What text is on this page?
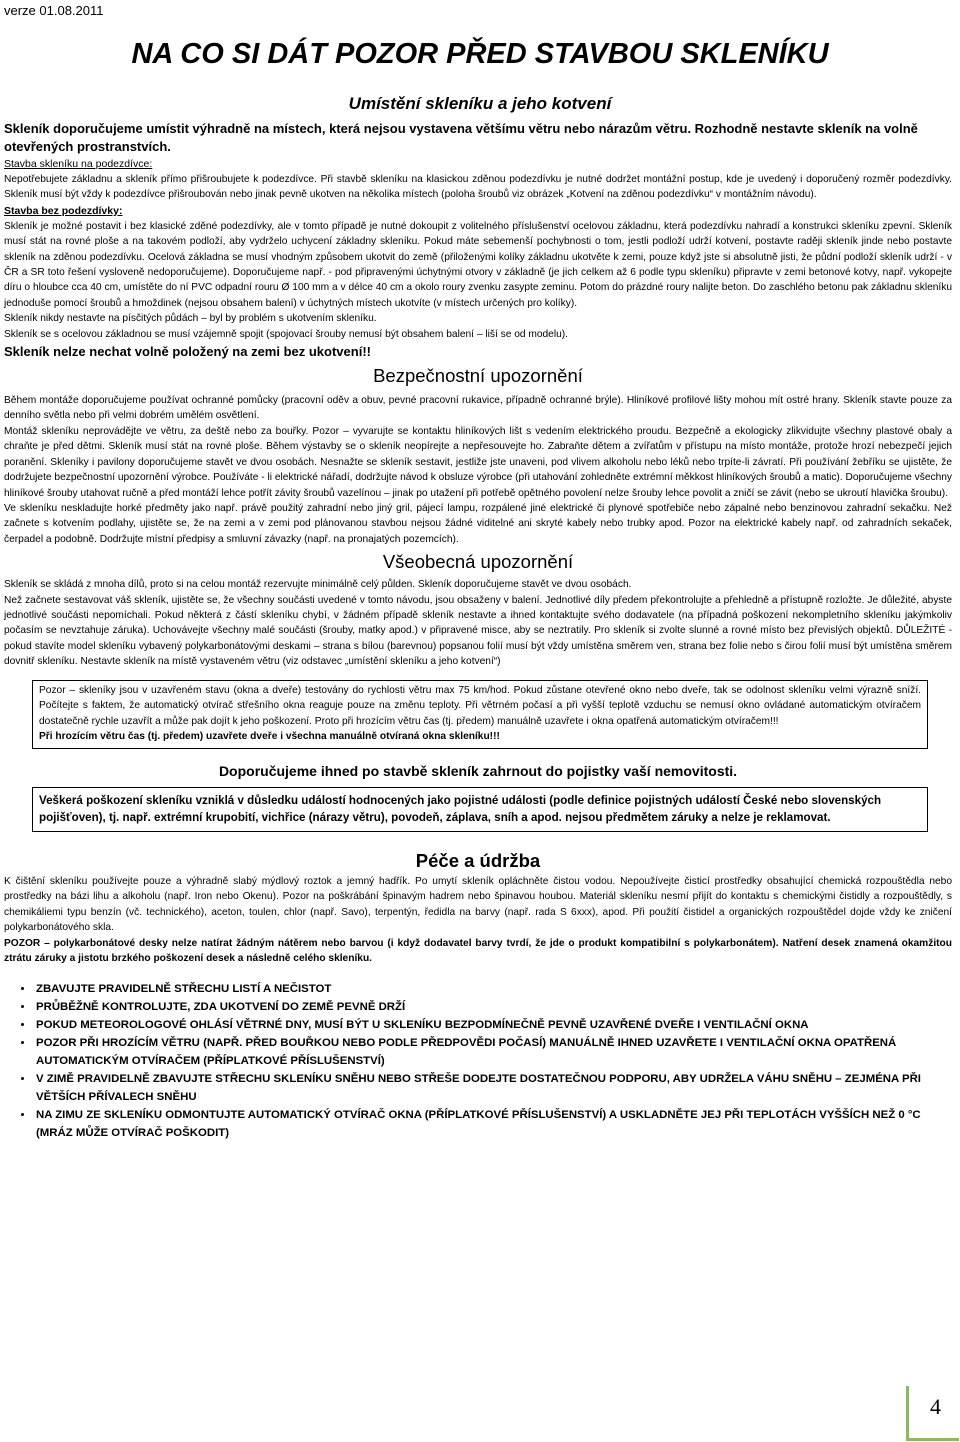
verze 01.08.2011
NA CO SI DÁT POZOR PŘED STAVBOU SKLENÍKU
Umístění skleníku a jeho kotvení

Skleník doporučujeme umístit výhradně na místech, která nejsou vystavena většímu větru nebo nárazům větru. Rozhodně nestavte skleník na volně otevřených prostranstvích.

Stavba skleníku na podezdívce:

Nepotřebujete základnu a skleník přímo přišroubujete k podezdívce. Při stavbě skleníku na klasickou zděnou podezdívku je nutné dodržet montážní postup, kde je uvedený i doporučený rozměr podezdívky. Skleník musí být vždy k podezdívce přišroubován nebo jinak pevně ukotven na několika místech (poloha šroubů viz obrázek „Kotvení na zděnou podezdívku“ v montážním návodu).

Stavba bez podezdívky:

Skleník je možné postavit i bez klasické zděné podezdívky, ale v tomto případě je nutné dokoupit z volitelného příslušenství ocelovou základnu, která podezdívku nahradí a konstrukci skleníku zpevní. Skleník musí stát na rovné ploše a na takovém podloží, aby vydrželo uchycení základny skleníku. Pokud máte sebemenší pochybnosti o tom, jestli podloží udrží kotvení, postavte raději skleník jinde nebo postavte skleník na zděnou podezdívku. Ocelová základna se musí vhodným způsobem ukotvit do země (přiloženými kolíky základnu ukotvěte k zemi, pouze když jste si absolutně jisti, že půdní podloží skleník udrží - v ČR a SR toto řešení vysloveně nedoporučujeme). Doporučujeme např. - pod připravenými úchytnými otvory v základně (je jich celkem až 6 podle typu skleníku) připravte v zemi betonové kotvy, např. vykopejte díru o hloubce cca 40 cm, umístěte do ní PVC odpadní rouru Ø 100 mm a v délce 40 cm a okolo roury zvenku zasypte zeminu. Potom do prázdné roury nalijte beton. Do zaschlého betonu pak základnu skleníku jednoduše pomocí šroubů a hmoždinek (nejsou obsahem balení) v úchytných místech ukotvíte (v místech určených pro kolíky).

Skleník nikdy nestavte na písčitých půdách – byl by problém s ukotvením skleníku.

Skleník se s ocelovou základnou se musí vzájemně spojit (spojovací šrouby nemusí být obsahem balení – liší se od modelu).

Skleník nelze nechat volně položený na zemi bez ukotvení!!

Bezpečnostní upozornění

Během montáže doporučujeme používat ochranné pomůcky (pracovní oděv a obuv, pevné pracovní rukavice, případně ochranné brýle). Hliníkové profilové lišty mohou mít ostré hrany. Skleník stavte pouze za denního světla nebo při velmi dobrém umělém osvětlení.

Montáž skleníku neprovádějte ve větru, za deště nebo za bouřky. Pozor – vyvarujte se kontaktu hliníkových lišt s vedením elektrického proudu. Bezpečně a ekologicky zlikvidujte všechny plastové obaly a chraňte je před dětmi. Skleník musí stát na rovné ploše. Během výstavby se o skleník neopírejte a nepřesouvejte ho. Zabraňte dětem a zvířatům v přístupu na místo montáže, protože hrozí nebezpečí jejich poranění. Skleníky i pavilony doporučujeme stavět ve dvou osobách. Nesnažte se skleník sestavit, jestliže jste unaveni, pod vlivem alkoholu nebo léků nebo trpíte-li závratí. Při používání žebříku se ujistěte, že dodržujete bezpečnostní upozornění výrobce. Používáte - li elektrické nářadí, dodržujte návod k obsluze výrobce (při utahování zohledněte extrémní měkkost hliníkových šroubů a matic). Doporučujeme všechny hliníkové šrouby utahovat ručně a před montáží lehce potřít závity šroubů vazelínou – jinak po utažení při potřebě opětného povolení nelze šrouby lehce povolit a zničí se závit (nebo se ukroutí hlavička šroubu).

Ve skleníku neskladujte horké předměty jako např. právě použitý zahradní nebo jiný gril, pájecí lampu, rozpálené jiné elektrické či plynové spotřebiče nebo zápalné nebo benzinovou zahradní sekačku. Než začnete s kotvením podlahy, ujistěte se, že na zemi a v zemi pod plánovanou stavbou nejsou žádné viditelné ani skryté kabely nebo trubky apod. Pozor na elektrické kabely např. od zahradních sekaček, čerpadel a podobně. Dodržujte místní předpisy a smluvní závazky (např. na pronajatých pozemcích).

Všeobecná upozornění

Skleník se skládá z mnoha dílů, proto si na celou montáž rezervujte minimálně celý půlden. Skleník doporučujeme stavět ve dvou osobách.

Než začnete sestavovat váš skleník, ujistěte se, že všechny součásti uvedené v tomto návodu, jsou obsaženy v balení. Jednotlivé díly předem překontrolujte a přehledně a přístupně rozložte. Je důležité, abyste jednotlivé součásti nepomíchali. Pokud některá z částí skleníku chybí, v žádném případě skleník nestavte a ihned kontaktujte svého dodavatele (na případná poškození nekompletního skleníku jakýmkoliv počasím se nevztahuje záruka). Uchovávejte všechny malé součásti (šrouby, matky apod.) v připravené misce, aby se neztratily. Pro skleník si zvolte slunné a rovné místo bez převislých objektů. DŮLEŽITÉ - pokud stavíte model skleníku vybavený polykarbonátovými deskami – strana s bílou (barevnou) popsanou folií musí být vždy umístěna směrem ven, strana bez folie nebo s čirou folií musí být umístěna směrem dovnitř skleníku. Nestavte skleník na místě vystaveném větru (viz odstavec „umístění skleníku a jeho kotvení“)

Pozor – skleníky jsou v uzavřeném stavu (okna a dveře) testovány do rychlosti větru max 75 km/hod. Pokud zůstane otevřené okno nebo dveře, tak se odolnost skleníku velmi výrazně sníží. Počítejte s faktem, že automatický otvírač střešního okna reaguje pouze na změnu teploty. Při větrném počasí a při vyšší teplotě vzduchu se nemusí okno ovládané automatickým otvíračem dostatečně rychle uzavřít a může pak dojít k jeho poškození. Proto při hrozícím větru čas (tj. předem) manuálně uzavřete i okna opatřená automatickým otvíračem!!!
Při hrozícím větru čas (tj. předem) uzavřete dveře i všechna manuálně otvíraná okna skleníku!!!

Doporučujeme ihned po stavbě skleník zahrnout do pojistky vaší nemovitosti.

Veškerá poškození skleníku vzniklá v důsledku událostí hodnocených jako pojistné události (podle definice pojistných událostí České nebo slovenských pojišťoven), tj. např. extrémní krupobití, vichřice (nárazy větru), povodeň, záplava, sníh a apod. nejsou předmětem záruky a nelze je reklamovat.
Péče a údržba

K čištění skleníku používejte pouze a výhradně slabý mýdlový roztok a jemný hadřík. Po umytí skleník opláchněte čistou vodou. Nepoužívejte čisticí prostředky obsahující chemická rozpouštědla nebo prostředky na bázi lihu a alkoholu (např. Iron nebo Okenu). Pozor na poškrábání špinavým hadrem nebo špinavou houbou. Materiál skleníku nesmí přijít do kontaktu s chemickými čistidly a rozpouštědly, s chemikáliemi typu benzín (vč. technického), aceton, toulen, chlor (např. Savo), terpentýn, ředidla na barvy (např. rada S 6xxx), apod. Při použití čistidel a organických rozpouštědel dojde vždy ke zničení polykarbonátového skla.

POZOR – polykarbonátové desky nelze natírat žádným nátěrem nebo barvou (i když dodavatel barvy tvrdí, že jde o produkt kompatibilní s polykarbonátem). Natření desek znamená okamžitou ztrátu záruky a jistotu brzkého poškození desek a následně celého skleníku.

• ZBAVUJTE PRAVIDELNĚ STŘECHU LISTÍ A NEČISTOT
• PRŮBĚŽNĚ KONTROLUJTE, ZDA UKOTVENÍ DO ZEMĚ PEVNĚ DRŽÍ
• POKUD METEOROLOGOVÉ OHLÁSÍ VĚTRNÉ DNY, MUSÍ BÝT U SKLENÍKU BEZPODMÍNEČNĚ PEVNĚ UZAVŘENÉ DVEŘE I VENTILAČNÍ OKNA
• POZOR PŘI HROZÍCÍM VĚTRU (NAPŘ. PŘED BOUŘKOU NEBO PODLE PŘEDPOVĚDI POČASÍ) MANUÁLNĚ IHNED UZAVŘETE I VENTILAČNÍ OKNA OPATŘENÁ AUTOMATICKÝM OTVÍRAČEM (PŘÍPLATKOVÉ PŘÍSLUŠENSTVÍ)
• V ZIMĚ PRAVIDELNĚ ZBAVUJTE STŘECHU SKLENÍKU SNĚHU NEBO STŘEŠE DODEJTE DOSTATEČNOU PODPORU, ABY UDRŽELA VÁHU SNĚHU – ZEJMÉNA PŘI VĚTŠÍCH PŘÍVALECH SNĚHU
• NA ZIMU ZE SKLENÍKU ODMONTUJTE AUTOMATICKÝ OTVÍRAČ OKNA (PŘÍPLATKOVÉ PŘÍSLUŠENSTVÍ) A USKLADNĚTE JEJ PŘI TEPLOTÁCH VYŠŠÍCH NEŽ 0 °C (MRÁZ MŮŽE OTVÍRAČ POŠKODIT)
4
